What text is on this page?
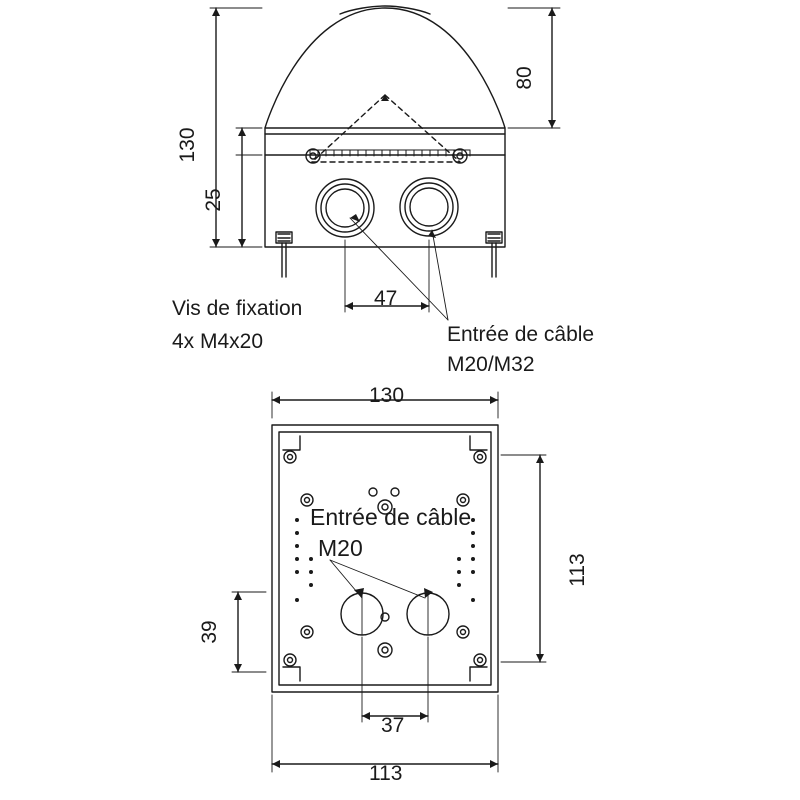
130
25
80
47
Vis de fixation
4x M4x20	Entrée de câble
M20/M32
130
113
113
39
37
Entrée de câble
M20
